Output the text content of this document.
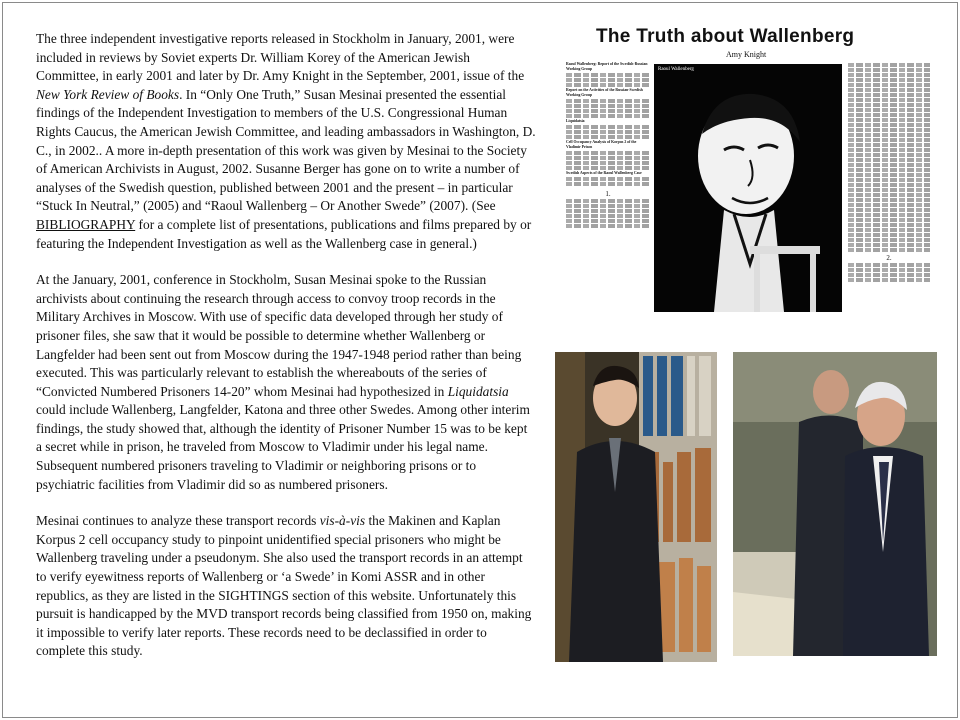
The three independent investigative reports released in Stockholm in January, 2001, were included in reviews by Soviet experts Dr. William Korey of the American Jewish Committee, in early 2001 and later by Dr. Amy Knight in the September, 2001, issue of the New York Review of Books. In “Only One Truth,” Susan Mesinai presented the essential findings of the Independent Investigation to members of the U.S. Congressional Human Rights Caucus, the American Jewish Committee, and leading ambassadors in Washington, D. C., in 2002.. A more in-depth presentation of this work was given by Mesinai to the Society of American Archivists in August, 2002. Susanne Berger has gone on to write a number of analyses of the Swedish question, published between 2001 and the present – in particular “Stuck In Neutral,” (2005) and “Raoul Wallenberg – Or Another Swede” (2007). (See BIBLIOGRAPHY for a complete list of presentations, publications and films prepared by or featuring the Independent Investigation as well as the Wallenberg case in general.)

At the January, 2001, conference in Stockholm, Susan Mesinai spoke to the Russian archivists about continuing the research through access to convoy troop records in the Military Archives in Moscow. With use of specific data developed through her study of prisoner files, she saw that it would be possible to determine whether Wallenberg or Langfelder had been sent out from Moscow during the 1947-1948 period rather than being executed. This was particularly relevant to establish the whereabouts of the series of “Convicted Numbered Prisoners 14-20” whom Mesinai had hypothesized in Liquidatsia could include Wallenberg, Langfelder, Katona and three other Swedes. Among other interim findings, the study showed that, although the identity of Prisoner Number 15 was to be kept a secret while in prison, he traveled from Moscow to Vladimir under his legal name. Subsequent numbered prisoners traveling to Vladimir or neighboring prisons or to psychiatric facilities from Vladimir did so as numbered prisoners.

Mesinai continues to analyze these transport records vis-à-vis the Makinen and Kaplan Korpus 2 cell occupancy study to pinpoint unidentified special prisoners who might be Wallenberg traveling under a pseudonym. She also used the transport records in an attempt to verify eyewitness reports of Wallenberg or ‘a Swede’ in Komi ASSR and in other republics, as they are listed in the SIGHTINGS section of this website. Unfortunately this pursuit is handicapped by the MVD transport records being classified from 1950 on, making it impossible to verify later reports. These records need to be declassified in order to complete this study.

The Truth about Wallenberg
Amy Knight
Raoul Wallenberg: Report of the Swedish-Russian Working Group
Report on the Activities of the Russian-Swedish Working Group
Liquidatsia
Cell Occupancy Analysis of Korpus 2 of the Vladimir Prison
Swedish Aspects of the Raoul Wallenberg Case
1.
Raoul Wallenberg
2.
